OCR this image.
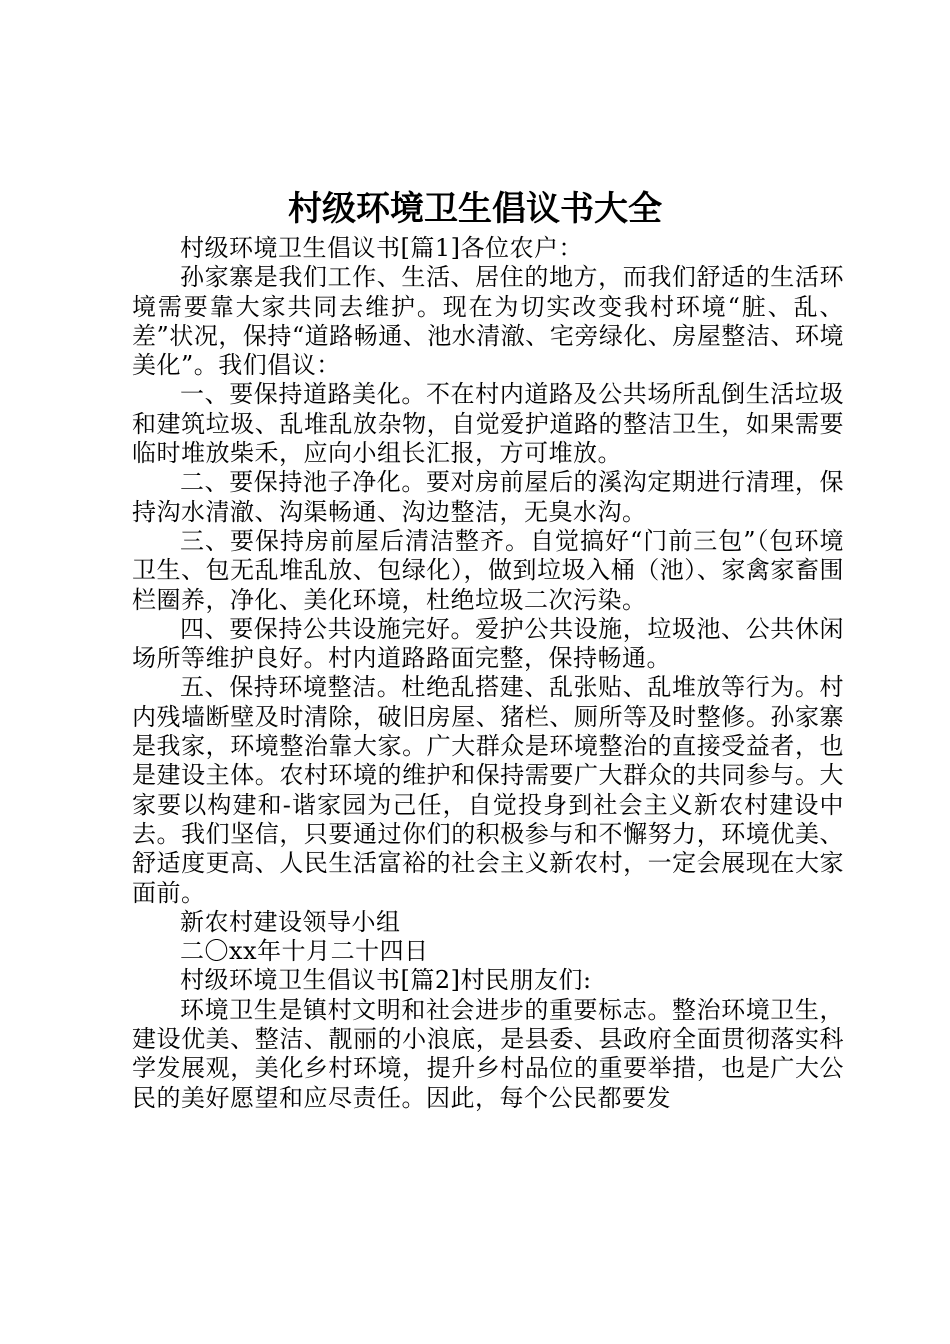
村级环境卫生倡议书大全

村级环境卫生倡议书[篇1]各位农户：

孙家寨是我们工作、生活、居住的地方，而我们舒适的生活环境需要靠大家共同去维护。现在为切实改变我村环境“脏、乱、差”状况，保持“道路畅通、池水清澈、宅旁绿化、房屋整洁、环境美化”。我们倡议：

一、要保持道路美化。不在村内道路及公共场所乱倒生活垃圾和建筑垃圾、乱堆乱放杂物，自觉爱护道路的整洁卫生，如果需要临时堆放柴禾，应向小组长汇报，方可堆放。

二、要保持池子净化。要对房前屋后的溪沟定期进行清理，保持沟水清澈、沟渠畅通、沟边整洁，无臭水沟。

三、要保持房前屋后清洁整齐。自觉搞好“门前三包”（包环境卫生、包无乱堆乱放、包绿化），做到垃圾入桶（池）、家禽家畜围栏圈养，净化、美化环境，杜绝垃圾二次污染。

四、要保持公共设施完好。爱护公共设施，垃圾池、公共休闲场所等维护良好。村内道路路面完整，保持畅通。

五、保持环境整洁。杜绝乱搭建、乱张贴、乱堆放等行为。村内残墙断壁及时清除，破旧房屋、猪栏、厕所等及时整修。孙家寨是我家，环境整治靠大家。广大群众是环境整治的直接受益者，也是建设主体。农村环境的维护和保持需要广大群众的共同参与。大家要以构建和-谐家园为己任，自觉投身到社会主义新农村建设中去。我们坚信，只要通过你们的积极参与和不懈努力，环境优美、舒适度更高、人民生活富裕的社会主义新农村，一定会展现在大家面前。

新农村建设领导小组

二〇xx年十月二十四日

村级环境卫生倡议书[篇2]村民朋友们:

环境卫生是镇村文明和社会进步的重要标志。整治环境卫生，建设优美、整洁、靓丽的小浪底，是县委、县政府全面贯彻落实科学发展观，美化乡村环境，提升乡村品位的重要举措，也是广大公民的美好愿望和应尽责任。因此，每个公民都要发
